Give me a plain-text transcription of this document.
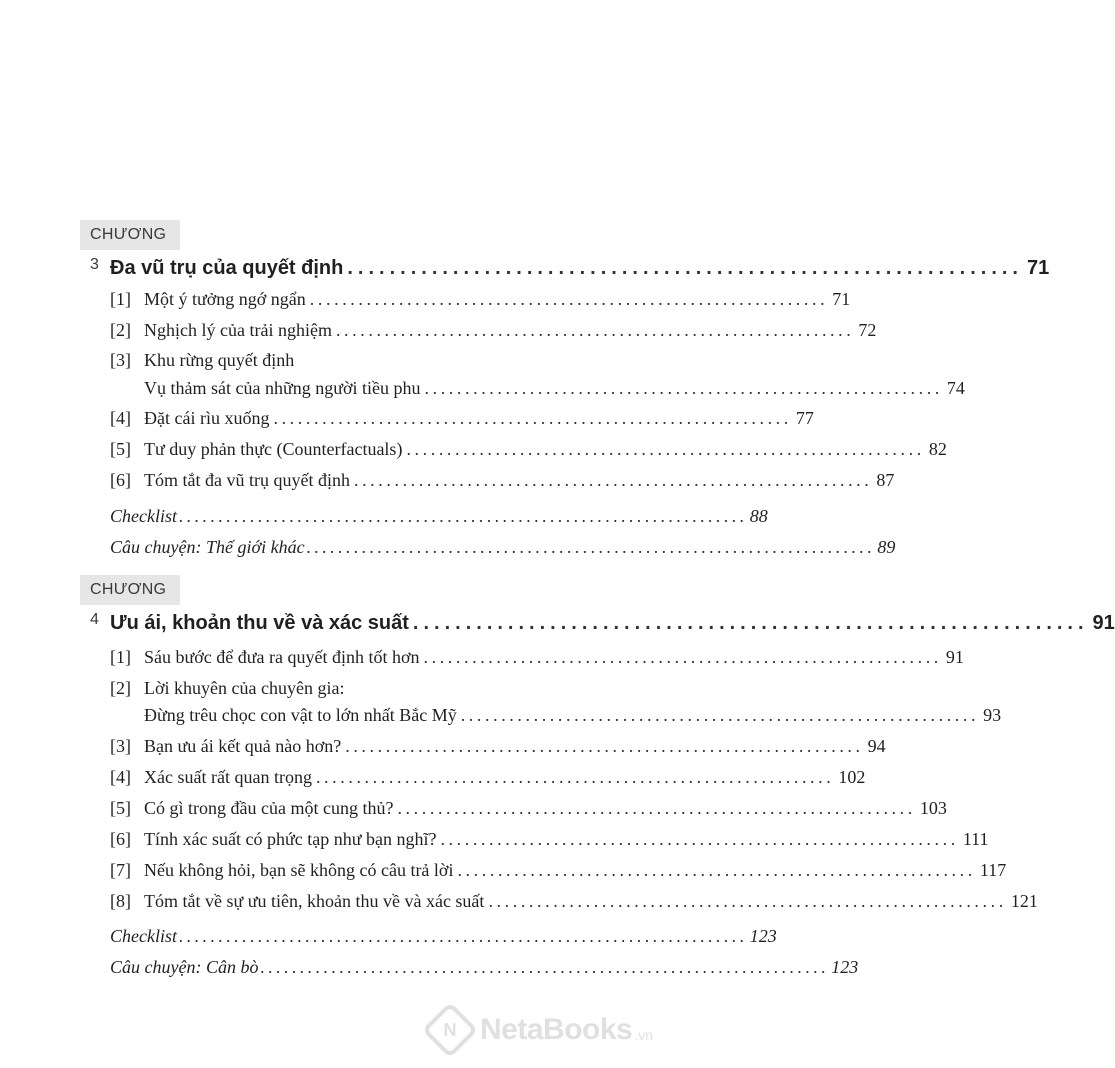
CHƯƠNG 3 Đa vũ trụ của quyết định ................................................................ 71
[1] Một ý tưởng ngớ ngẩn ................................................................ 71
[2] Nghịch lý của trải nghiệm ................................................................ 72
[3] Khu rừng quyết định
Vụ thảm sát của những người tiều phu ................................................................ 74
[4] Đặt cái rìu xuống ................................................................ 77
[5] Tư duy phản thực (Counterfactuals) ................................................................ 82
[6] Tóm tắt đa vũ trụ quyết định ................................................................ 87
Checklist ........................................................................ 88
Câu chuyện: Thế giới khác ........................................................................ 89
CHƯƠNG 4 Ưu ái, khoản thu về và xác suất ................................................................ 91
[1] Sáu bước để đưa ra quyết định tốt hơn ................................................................ 91
[2] Lời khuyên của chuyên gia:
Đừng trêu chọc con vật to lớn nhất Bắc Mỹ ................................................................ 93
[3] Bạn ưu ái kết quả nào hơn? ................................................................ 94
[4] Xác suất rất quan trọng ................................................................ 102
[5] Có gì trong đầu của một cung thủ? ................................................................ 103
[6] Tính xác suất có phức tạp như bạn nghĩ? ................................................................ 111
[7] Nếu không hỏi, bạn sẽ không có câu trả lời ................................................................ 117
[8] Tóm tắt về sự ưu tiên, khoản thu về và xác suất ................................................................ 121
Checklist ........................................................................ 123
Câu chuyện: Cân bò ........................................................................ 123
N NetaBooks .vn
